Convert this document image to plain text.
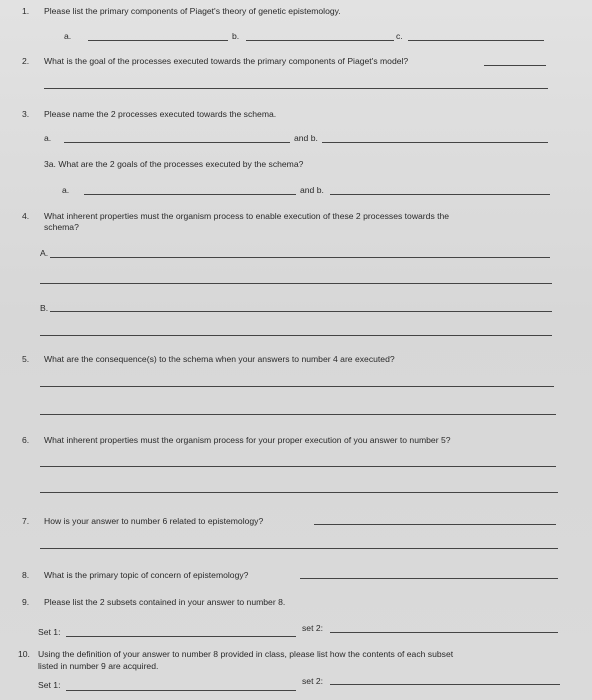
1. Please list the primary components of Piaget's theory of genetic epistemology.
a.	b.	c.
2. What is the goal of the processes executed towards the primary components of Piaget's model?
3. Please name the 2 processes executed towards the schema.
a.	and b.
3a. What are the 2 goals of the processes executed by the schema?
a.	and b.
4. What inherent properties must the organism process to enable execution of these 2 processes towards the
schema?
A.
B.
5. What are the consequence(s) to the schema when your answers to number 4 are executed?
6. What inherent properties must the organism process for your proper execution of you answer to number 5?
7. How is your answer to number 6 related to epistemology?
8. What is the primary topic of concern of epistemology?
9. Please list the 2 subsets contained in your answer to number 8.
Set 1:	set 2:
10. Using the definition of your answer to number 8 provided in class, please list how the contents of each subset
listed in number 9 are acquired.
Set 1:	set 2:
